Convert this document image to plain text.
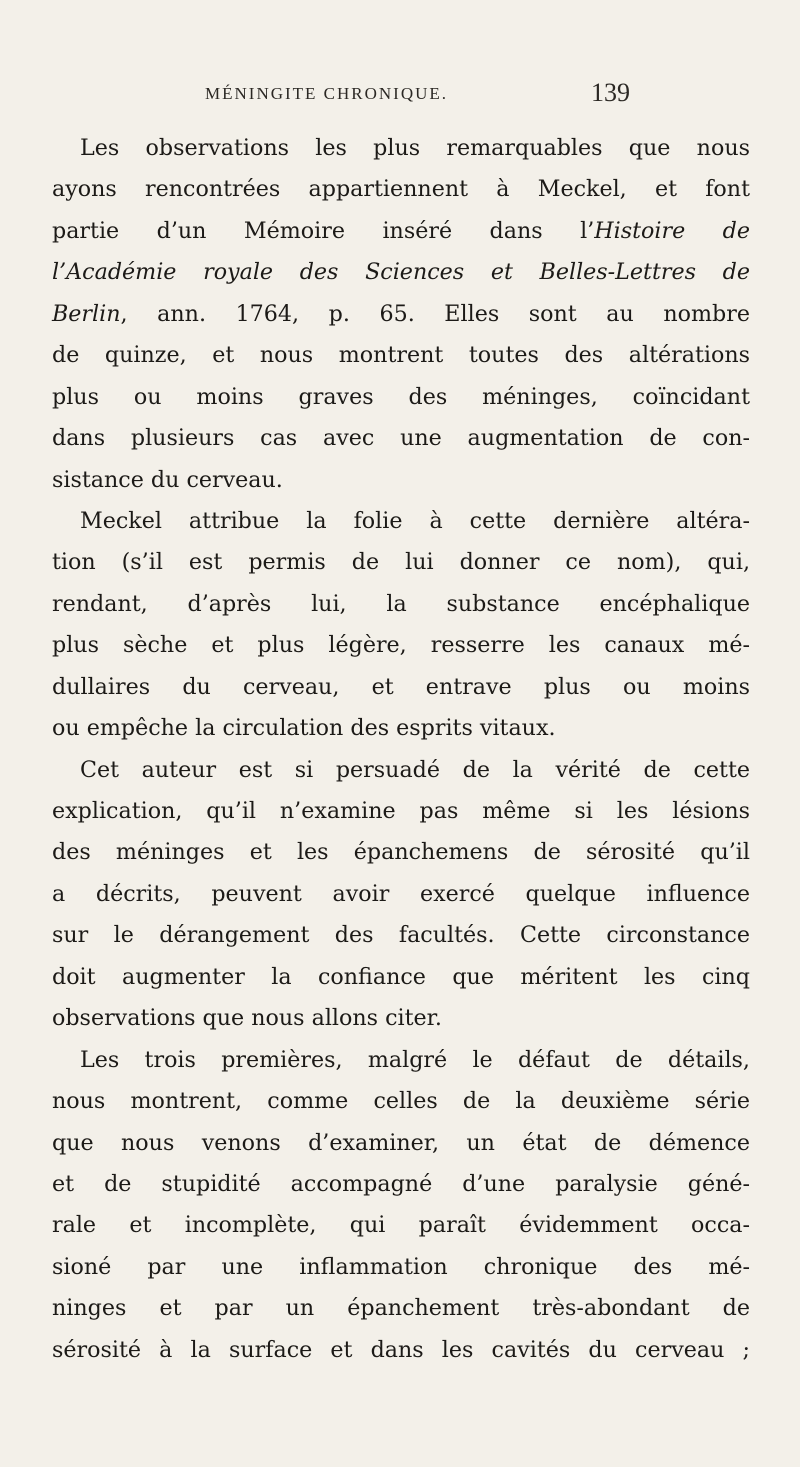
MÉNINGITE CHRONIQUE.	139
Les observations les plus remarquables que nous
ayons rencontrées appartiennent à Meckel, et font
partie d’un Mémoire inséré dans l’Histoire de
l’Académie royale des Sciences et Belles-Lettres de
Berlin, ann. 1764, p. 65. Elles sont au nombre
de quinze, et nous montrent toutes des altérations
plus ou moins graves des méninges, coïncidant
dans plusieurs cas avec une augmentation de con-
sistance du cerveau.
Meckel attribue la folie à cette dernière altéra-
tion (s’il est permis de lui donner ce nom), qui,
rendant, d’après lui, la substance encéphalique
plus sèche et plus légère, resserre les canaux mé-
dullaires du cerveau, et entrave plus ou moins
ou empêche la circulation des esprits vitaux.
Cet auteur est si persuadé de la vérité de cette
explication, qu’il n’examine pas même si les lésions
des méninges et les épanchemens de sérosité qu’il
a décrits, peuvent avoir exercé quelque influence
sur le dérangement des facultés. Cette circonstance
doit augmenter la confiance que méritent les cinq
observations que nous allons citer.
Les trois premières, malgré le défaut de détails,
nous montrent, comme celles de la deuxième série
que nous venons d’examiner, un état de démence
et de stupidité accompagné d’une paralysie géné-
rale et incomplète, qui paraît évidemment occa-
sioné par une inflammation chronique des mé-
ninges et par un épanchement très-abondant de
sérosité à la surface et dans les cavités du cerveau ;
